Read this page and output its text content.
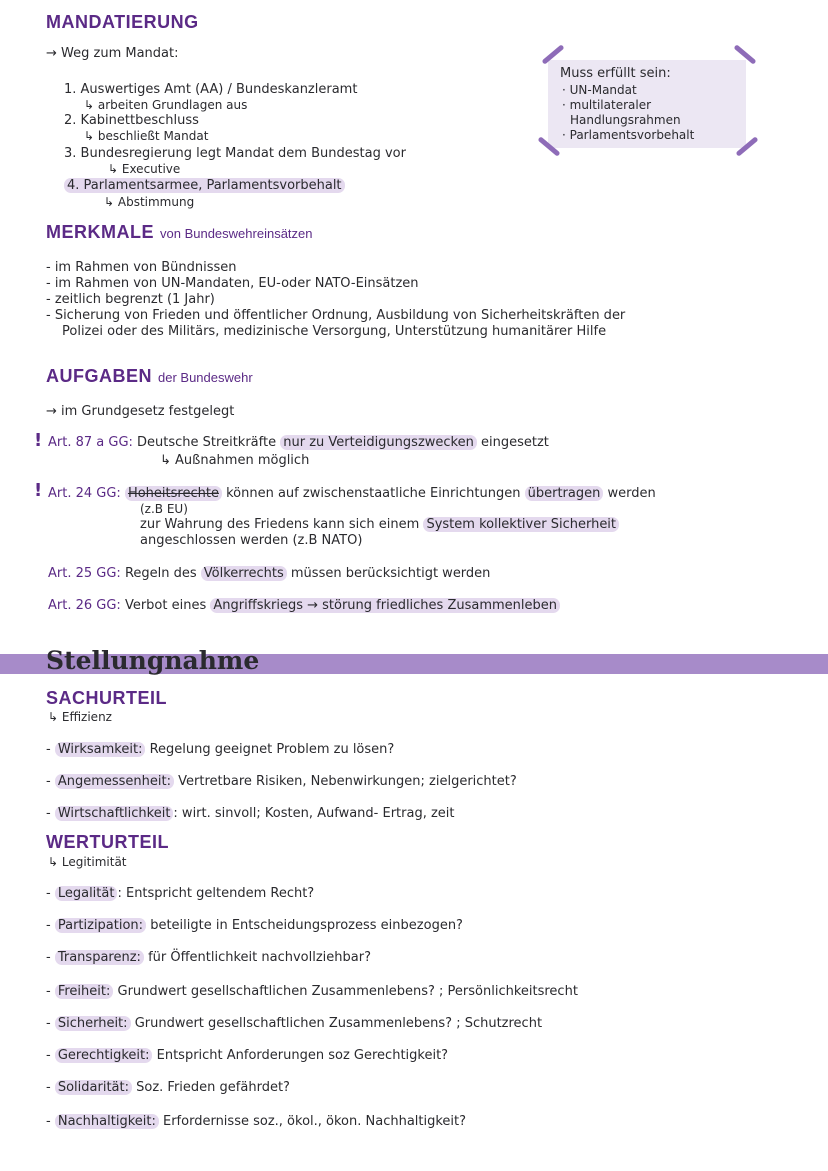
MANDATIERUNG
→ Weg zum Mandat:
1. Auswertiges Amt (AA) / Bundeskanzleramt
↳ arbeiten Grundlagen aus
2. Kabinettbeschluss
↳ beschließt Mandat
3. Bundesregierung legt Mandat dem Bundestag vor
↳ Executive
4. Parlamentsarmee, Parlamentsvorbehalt
↳ Abstimmung
Muss erfüllt sein:
· UN-Mandat
· multilateraler
Handlungsrahmen
· Parlamentsvorbehalt
MERKMALE von Bundeswehreinsätzen
- im Rahmen von Bündnissen
- im Rahmen von UN-Mandaten, EU-oder NATO-Einsätzen
- zeitlich begrenzt (1 Jahr)
- Sicherung von Frieden und öffentlicher Ordnung, Ausbildung von Sicherheitskräften der
Polizei oder des Militärs, medizinische Versorgung, Unterstützung humanitärer Hilfe
AUFGABEN der Bundeswehr
→ im Grundgesetz festgelegt
! Art. 87 a GG: Deutsche Streitkräfte nur zu Verteidigungszwecken eingesetzt
↳ Außnahmen möglich
! Art. 24 GG: Hoheitsrechte können auf zwischenstaatliche Einrichtungen übertragen werden
(z.B EU)
zur Wahrung des Friedens kann sich einem System kollektiver Sicherheit
angeschlossen werden (z.B NATO)
Art. 25 GG: Regeln des Völkerrechts müssen berücksichtigt werden
Art. 26 GG: Verbot eines Angriffskriegs → störung friedliches Zusammenleben
Stellungnahme
SACHURTEIL
↳ Effizienz
- Wirksamkeit: Regelung geeignet Problem zu lösen?
- Angemessenheit: Vertretbare Risiken, Nebenwirkungen; zielgerichtet?
- Wirtschaftlichkeit : wirt. sinvoll; Kosten, Aufwand- Ertrag, zeit
WERTURTEIL
↳ Legitimität
- Legalität : Entspricht geltendem Recht?
- Partizipation: beteiligte in Entscheidungsprozess einbezogen?
- Transparenz: für Öffentlichkeit nachvollziehbar?
- Freiheit: Grundwert gesellschaftlichen Zusammenlebens? ; Persönlichkeitsrecht
- Sicherheit: Grundwert gesellschaftlichen Zusammenlebens? ; Schutzrecht
- Gerechtigkeit: Entspricht Anforderungen soz Gerechtigkeit?
- Solidarität: Soz. Frieden gefährdet?
- Nachhaltigkeit: Erfordernisse soz., ökol., ökon. Nachhaltigkeit?
